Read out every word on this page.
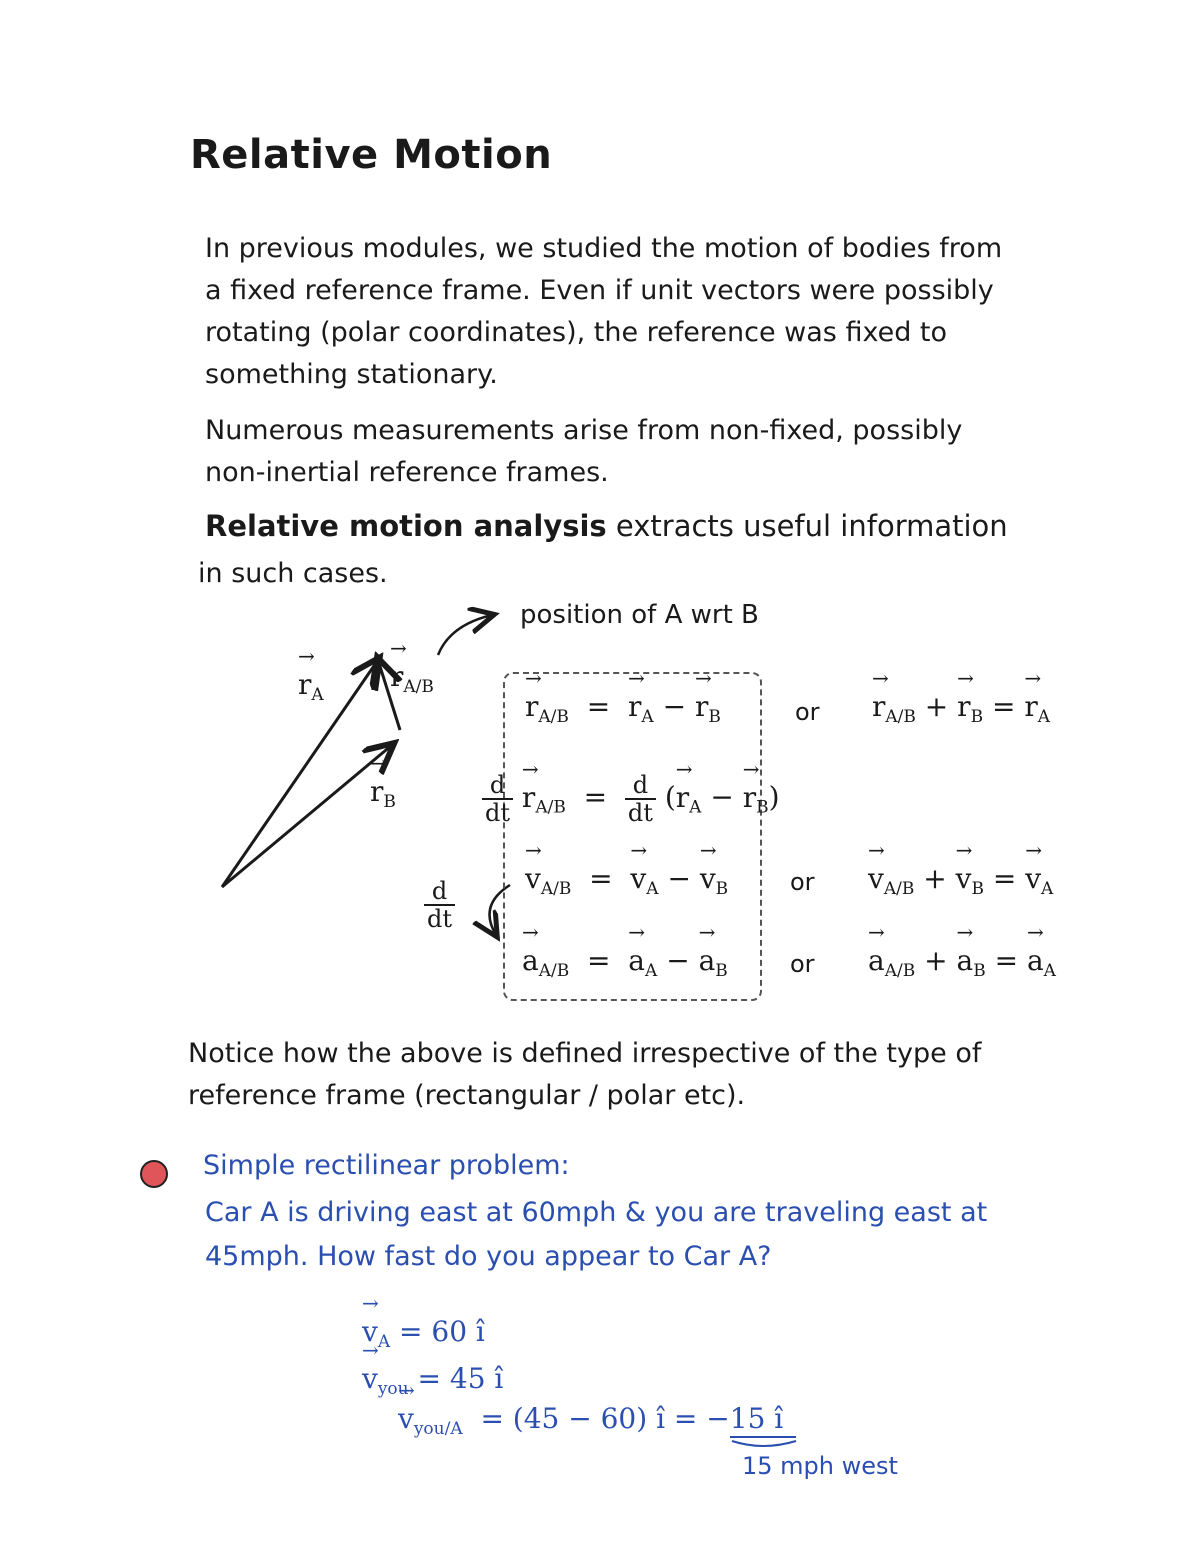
Relative Motion
In previous modules, we studied the motion of bodies from
a fixed reference frame. Even if unit vectors were possibly
rotating (polar coordinates), the reference was fixed to
something stationary.
Numerous measurements arise from non-fixed, possibly
non-inertial reference frames.
Relative motion analysis extracts useful information
in such cases.
position of A wrt B
→ $r_A$
→ $r_{A/B}$
→ $r_B$
→ $r_{A/B}$ =  → $r_A$ − → $r_B$	or
→ $r_{A/B}$ + → $r_B$ = → $r_A$
$\frac{d}{dt}$
→ $r_{A/B} = \frac{d}{dt}$ (→ $r_A$ − → $r_B$)
$\frac{d}{dt}$
→ $v_{A/B}$ =  → $v_A$ − → $v_B$	or
→ $v_{A/B}$ + → $v_B$ = → $v_A$
→ $a_{A/B}$ =  → $a_A$ − → $a_B$	or
→ $a_{A/B}$ + → $a_B$ = → $a_A$
Notice how the above is defined irrespective of the type of
reference frame (rectangular / polar etc).
Simple rectilinear problem:
Car A is driving east at 60mph & you are traveling east at
45mph. How fast do you appear to Car A?
→ $v_A = 60$ î
→ $v_{you} = 45$ î
→ $v_{you/A} = (45 - 60)$ î = −15 î
15 mph west
